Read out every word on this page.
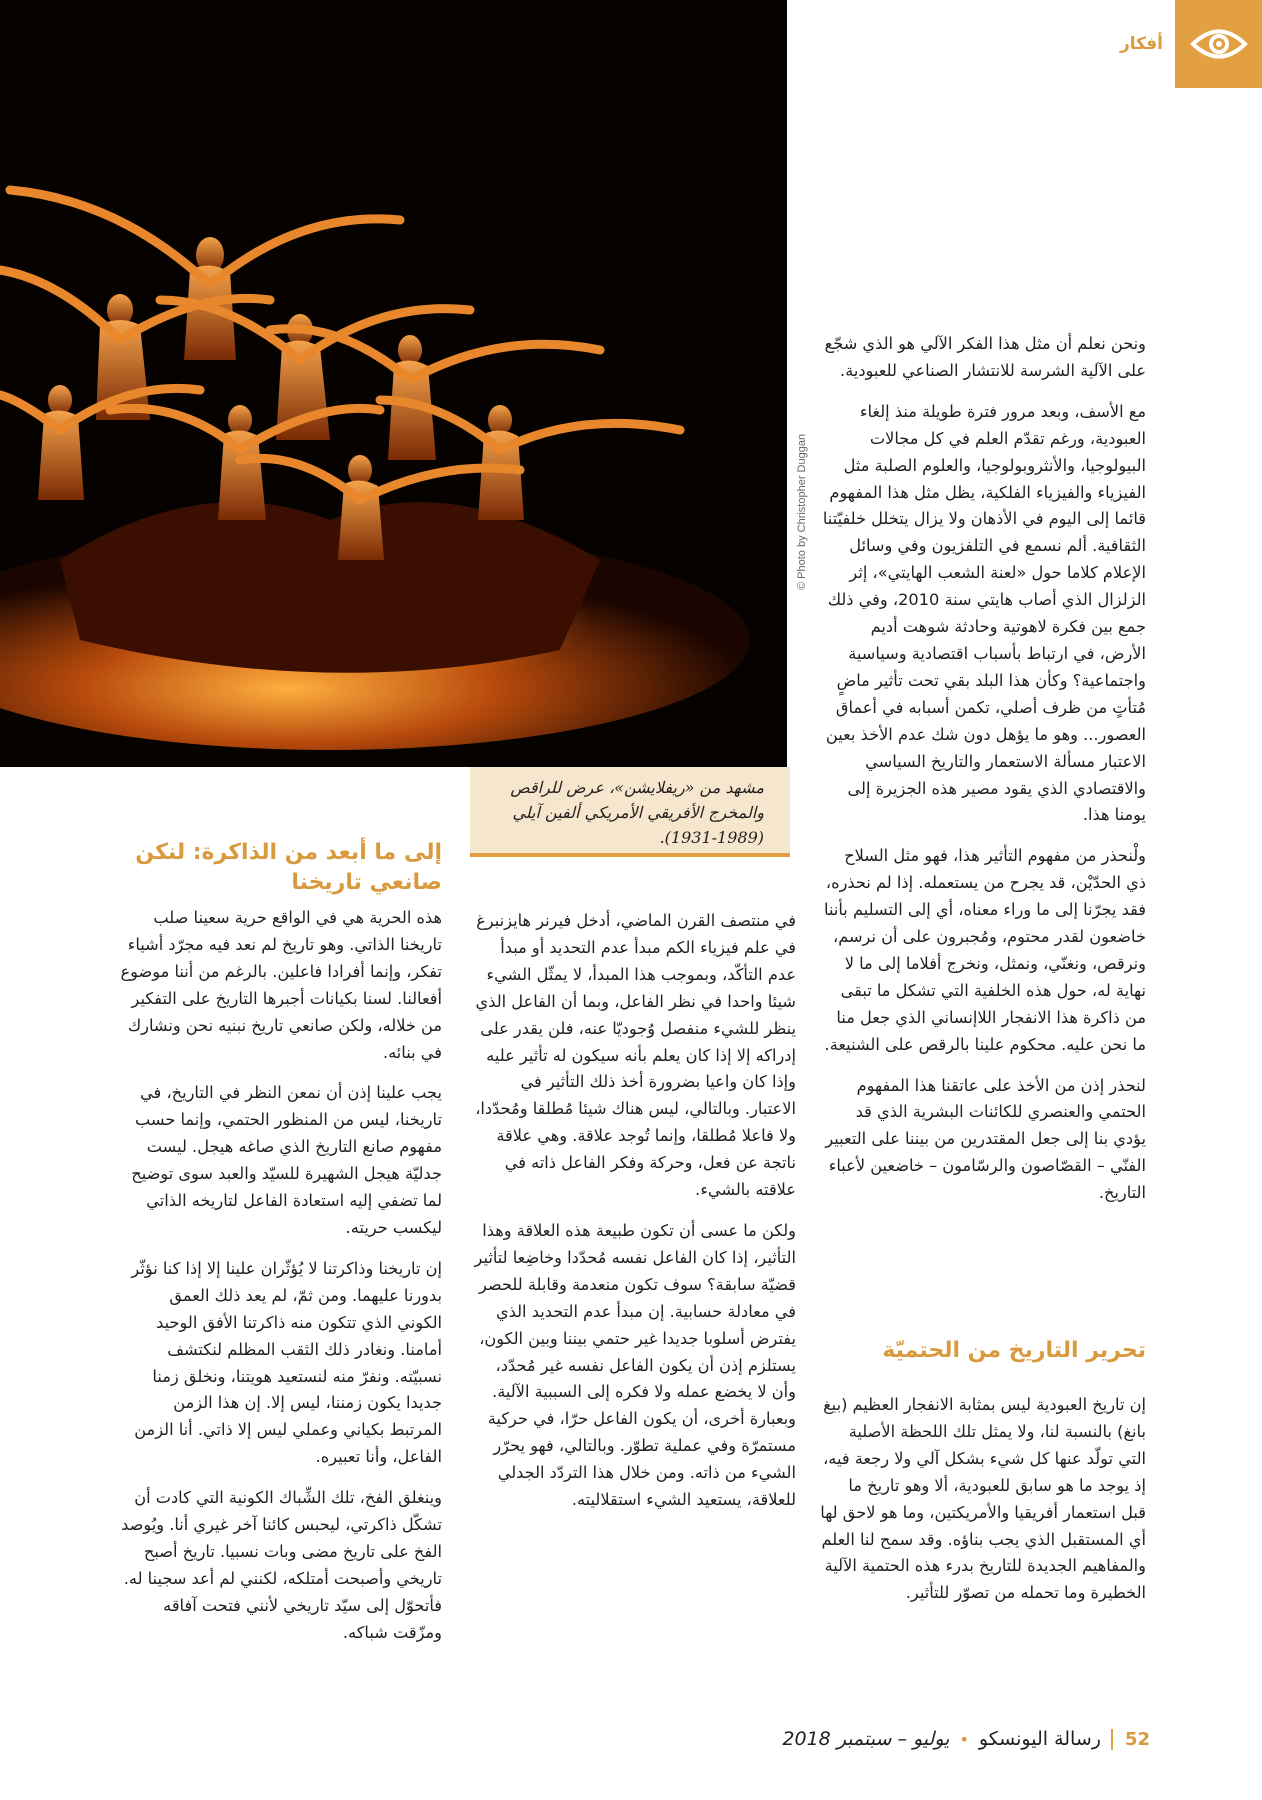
© Photo by Christopher Duggan
أفكار
مشهد من «ريفلايشن»، عرض للراقص والمخرج الأفريقي الأمريكي ألفين آيلي (1989-1931).

ونحن نعلم أن مثل هذا الفكر الآلي هو الذي شجّع على الآلية الشرسة للانتشار الصناعي للعبودية.

مع الأسف، وبعد مرور فترة طويلة منذ إلغاء العبودية، ورغم تقدّم العلم في كل مجالات البيولوجيا، والأنثروبولوجيا، والعلوم الصلبة مثل الفيزياء والفيزياء الفلكية، يظل مثل هذا المفهوم قائما إلى اليوم في الأذهان ولا يزال يتخلل خلفيّتنا الثقافية. ألم نسمع في التلفزيون وفي وسائل الإعلام كلاما حول «لعنة الشعب الهايتي»، إثر الزلزال الذي أصاب هايتي سنة 2010، وفي ذلك جمع بين فكرة لاهوتية وحادثة شوهت أديم الأرض، في ارتباط بأسباب اقتصادية وسياسية واجتماعية؟ وكأن هذا البلد بقي تحت تأثير ماضٍ مُتأتٍ من ظرف أصلي، تكمن أسبابه في أعماق العصور... وهو ما يؤهل دون شك عدم الأخذ بعين الاعتبار مسألة الاستعمار والتاريخ السياسي والاقتصادي الذي يقود مصير هذه الجزيرة إلى يومنا هذا.

ولْنحذر من مفهوم التأثير هذا، فهو مثل السلاح ذي الحدّيْن، قد يجرح من يستعمله. إذا لم نحذره، فقد يجرّنا إلى ما وراء معناه، أي إلى التسليم بأننا خاضعون لقدر محتوم، ومُجبرون على أن نرسم، ونرقص، ونغنّي، ونمثل، ونخرج أفلاما إلى ما لا نهاية له، حول هذه الخلفية التي تشكل ما تبقى من ذاكرة هذا الانفجار اللاإنساني الذي جعل منا ما نحن عليه. محكوم علينا بالرقص على الشنيعة.

لنحذر إذن من الأخذ على عاتقنا هذا المفهوم الحتمي والعنصري للكائنات البشرية الذي قد يؤدي بنا إلى جعل المقتدرين من بيننا على التعبير الفنّي – القصّاصون والرسّامون – خاضعين لأعباء التاريخ.

تحرير التاريخ من الحتميّة

إن تاريخ العبودية ليس بمثابة الانفجار العظيم (بيغ بانغ) بالنسبة لنا، ولا يمثل تلك اللحظة الأصلية التي تولّد عنها كل شيء بشكل آلي ولا رجعة فيه، إذ يوجد ما هو سابق للعبودية، ألا وهو تاريخ ما قبل استعمار أفريقيا والأمريكتين، وما هو لاحق لها أي المستقبل الذي يجب بناؤه. وقد سمح لنا العلم والمفاهيم الجديدة للتاريخ بدرء هذه الحتمية الآلية الخطيرة وما تحمله من تصوّر للتأثير.

في منتصف القرن الماضي، أدخل فيرنر هايزنبرغ في علم فيزياء الكم مبدأ عدم التحديد أو مبدأ عدم التأكّد، وبموجب هذا المبدأ، لا يمثّل الشيء شيئا واحدا في نظر الفاعل، وبما أن الفاعل الذي ينظر للشيء منفصل وُجوديّا عنه، فلن يقدر على إدراكه إلا إذا كان يعلم بأنه سيكون له تأثير عليه وإذا كان واعيا بضرورة أخذ ذلك التأثير في الاعتبار. وبالتالي، ليس هناك شيئا مُطلقا ومُحدّدا، ولا فاعلا مُطلقا، وإنما تُوجد علاقة. وهي علاقة ناتجة عن فعل، وحركة وفكر الفاعل ذاته في علاقته بالشيء.

ولكن ما عسى أن تكون طبيعة هذه العلاقة وهذا التأثير، إذا كان الفاعل نفسه مُحدّدا وخاضِعا لتأثير قضيّة سابقة؟ سوف تكون منعدمة وقابلة للحصر في معادلة حسابية. إن مبدأ عدم التحديد الذي يفترض أسلوبا جديدا غير حتمي بيننا وبين الكون، يستلزم إذن أن يكون الفاعل نفسه غير مُحدّد، وأن لا يخضع عمله ولا فكره إلى السببية الآلية. وبعبارة أخرى، أن يكون الفاعل حرّا، في حركية مستمرّة وفي عملية تطوّر. وبالتالي، فهو يحرّر الشيء من ذاته. ومن خلال هذا التردّد الجدلي للعلاقة، يستعيد الشيء استقلاليته.

إلى ما أبعد من الذاكرة: لنكن صانعي تاريخنا

هذه الحرية هي في الواقع حرية سعينا صلب تاريخنا الذاتي. وهو تاريخ لم نعد فيه مجرّد أشياء تفكر، وإنما أفرادا فاعلين. بالرغم من أننا موضوع أفعالنا. لسنا بكيانات أجبرها التاريخ على التفكير من خلاله، ولكن صانعي تاريخ نبنيه نحن ونشارك في بنائه.

يجب علينا إذن أن نمعن النظر في التاريخ، في تاريخنا، ليس من المنظور الحتمي، وإنما حسب مفهوم صانع التاريخ الذي صاغه هيجل. ليست جدليّة هيجل الشهيرة للسيّد والعبد سوى توضيح لما تضفي إليه استعادة الفاعل لتاريخه الذاتي ليكسب حريته.

إن تاريخنا وذاكرتنا لا يُؤثّران علينا إلا إذا كنا نؤثّر بدورنا عليهما. ومن ثمّ، لم يعد ذلك العمق الكوني الذي تتكون منه ذاكرتنا الأفق الوحيد أمامنا. ونغادر ذلك الثقب المظلم لنكتشف نسبيّته. ونفرّ منه لنستعيد هويتنا، ونخلق زمنا جديدا يكون زمننا، ليس إلا. إن هذا الزمن المرتبط بكياني وعملي ليس إلا ذاتي. أنا الزمن الفاعل، وأنا تعبيره.

وينغلق الفخ، تلك الشِّباك الكونية التي كادت أن تشكّل ذاكرتي، ليحبس كائنا آخر غيري أنا. ويُوصد الفخ على تاريخ مضى وبات نسبيا. تاريخ أصبح تاريخي وأصبحت أمتلكه، لكنني لم أعد سجينا له. فأتحوّل إلى سيّد تاريخي لأنني فتحت آفاقه ومزّقت شباكه.

52
رسالة اليونسكو
•
يوليو – سبتمبر 2018
